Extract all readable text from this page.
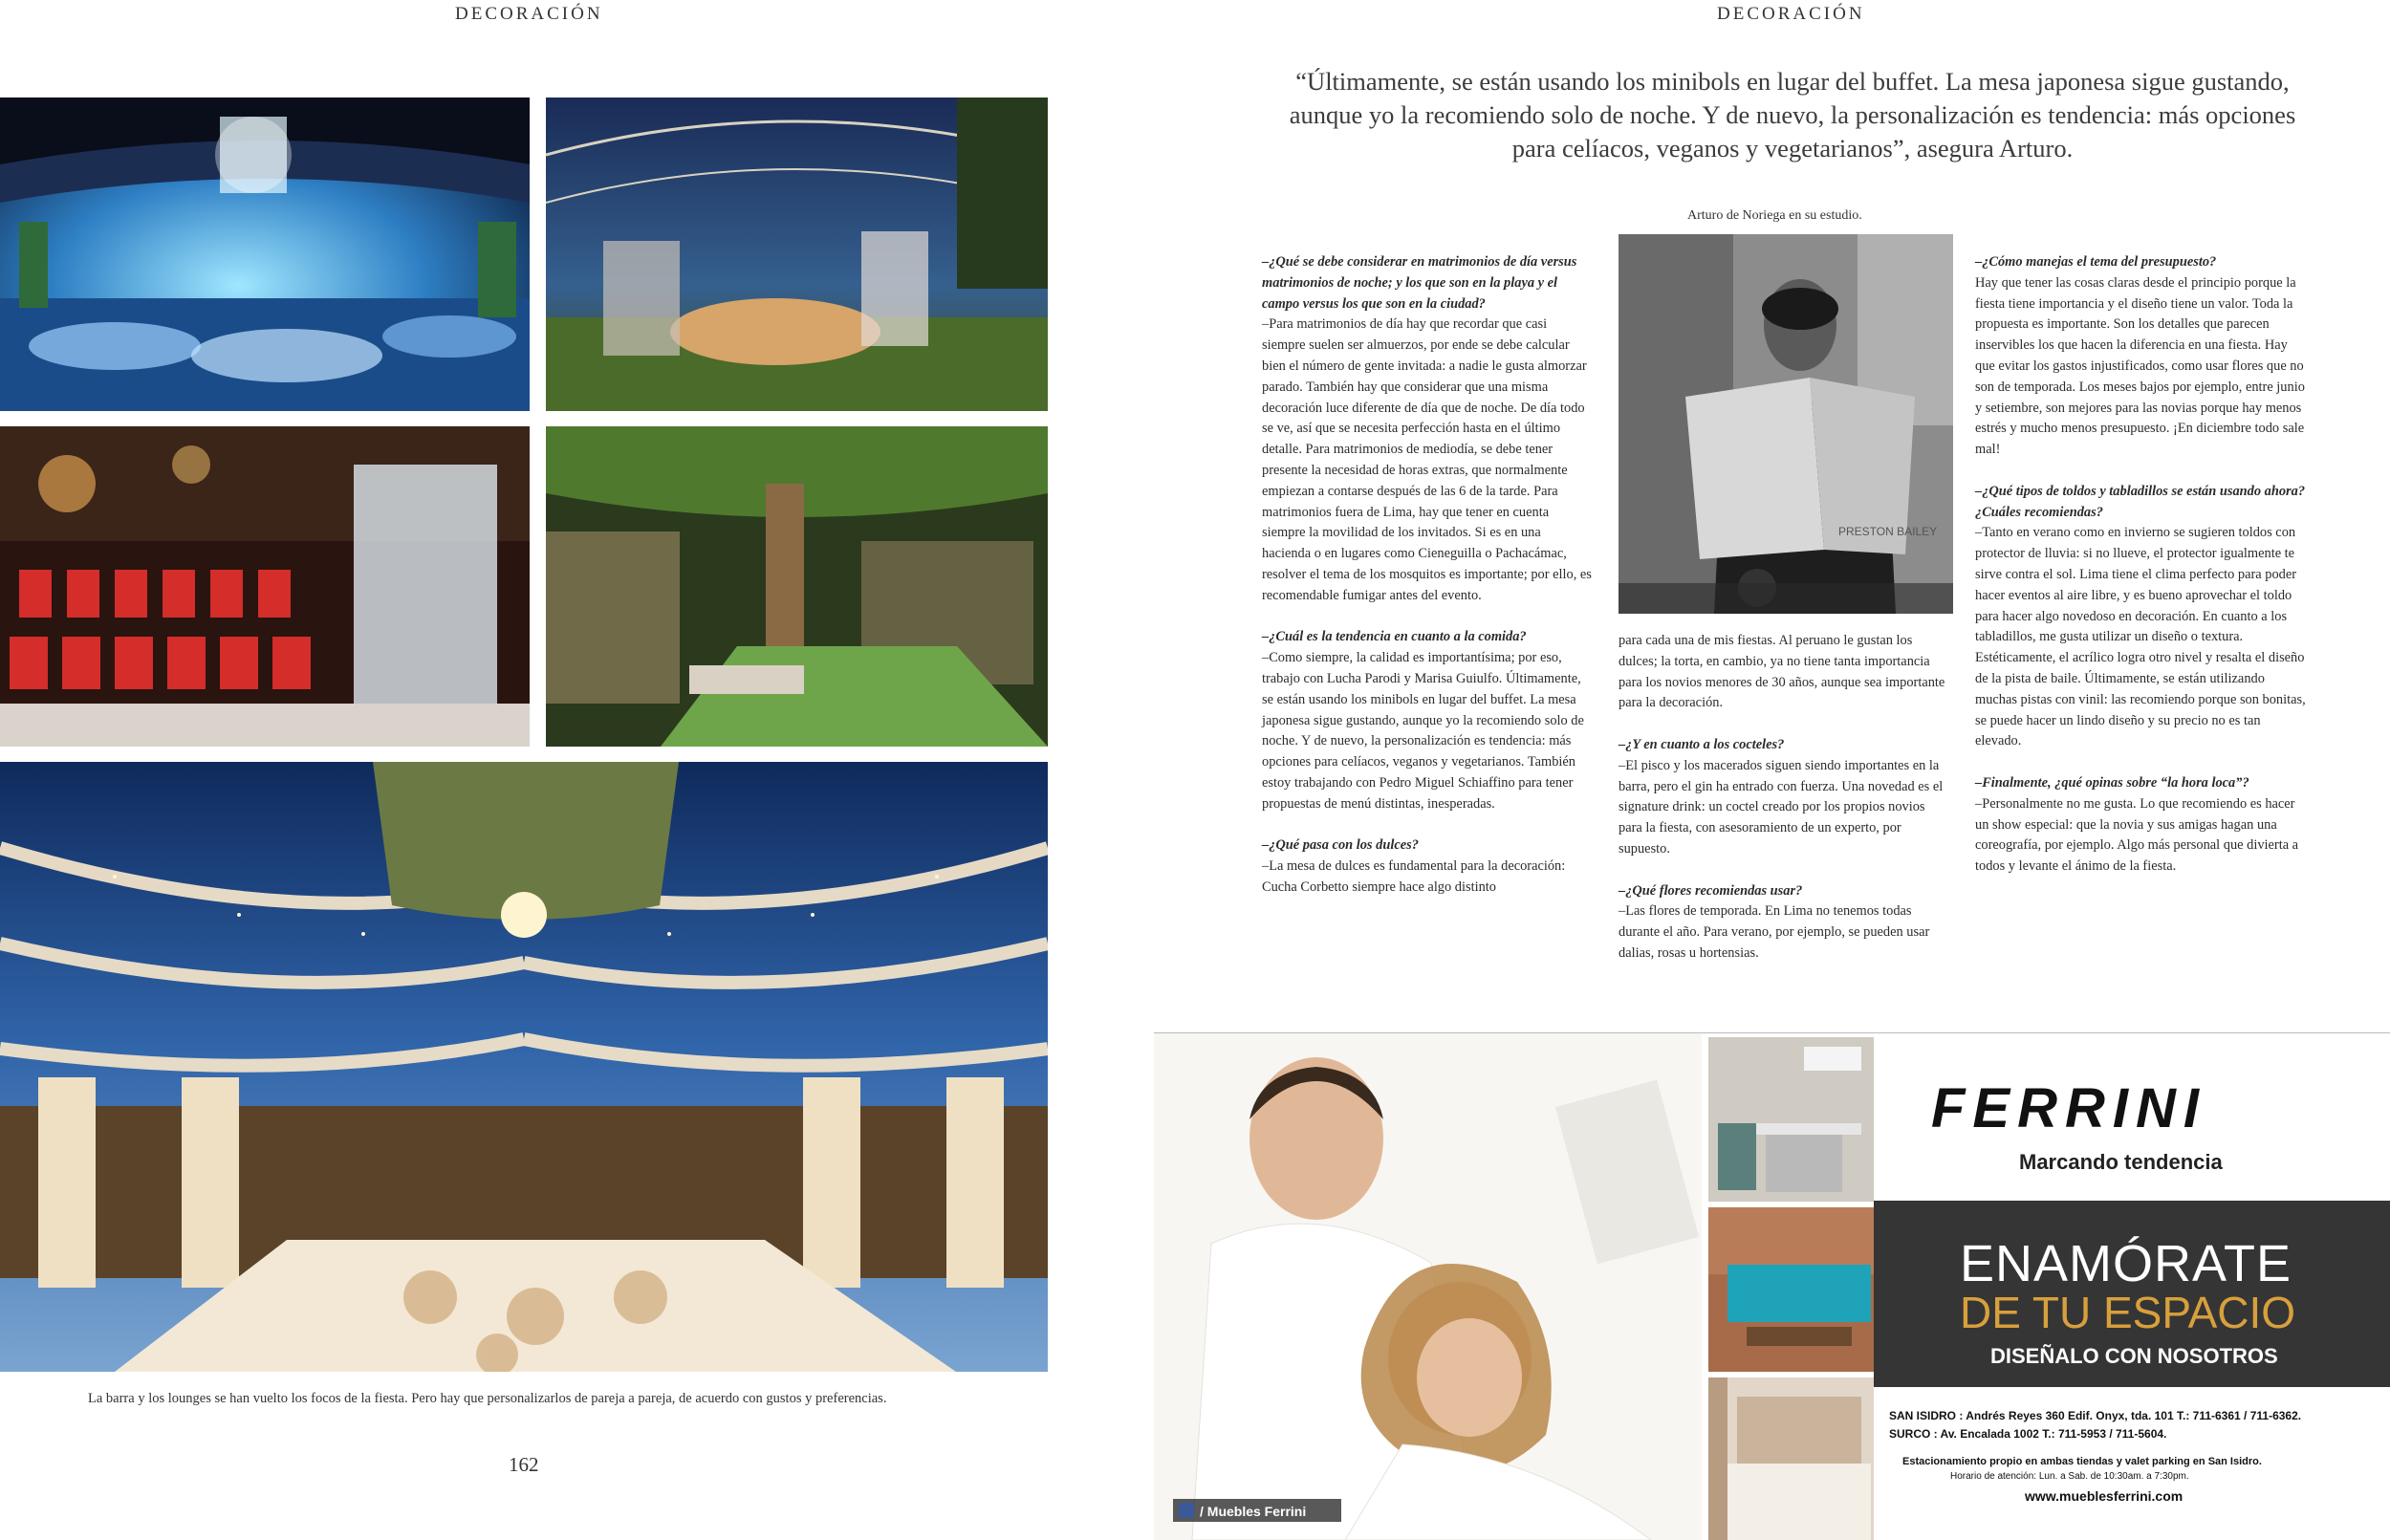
DECORACIÓN
La barra y los lounges se han vuelto los focos de la fiesta. Pero hay que personalizarlos de pareja a pareja, de acuerdo con gustos y preferencias.
162
DECORACIÓN
“Últimamente, se están usando los minibols en lugar del buffet. La mesa japonesa sigue gustando,
aunque yo la recomiendo solo de noche. Y de nuevo, la personalización es tendencia: más opciones
para celíacos, veganos y vegetarianos”, asegura Arturo.
Arturo de Noriega en su estudio.
PRESTON BAILEY

–¿Qué se debe considerar en matrimonios de día versus matrimonios de noche; y los que son en la playa y el campo versus los que son en la ciudad?
–Para matrimonios de día hay que recordar que casi siempre suelen ser almuerzos, por ende se debe calcular bien el número de gente invitada: a nadie le gusta almorzar parado. También hay que considerar que una misma decoración luce diferente de día que de noche. De día todo se ve, así que se necesita perfección hasta en el último detalle. Para matrimonios de mediodía, se debe tener presente la necesidad de horas extras, que normalmente empiezan a contarse después de las 6 de la tarde. Para matrimonios fuera de Lima, hay que tener en cuenta siempre la movilidad de los invitados. Si es en una hacienda o en lugares como Cieneguilla o Pachacámac, resolver el tema de los mosquitos es importante; por ello, es recomendable fumigar antes del evento.

–¿Cuál es la tendencia en cuanto a la comida?
–Como siempre, la calidad es importantísima; por eso, trabajo con Lucha Parodi y Marisa Guiulfo. Últimamente, se están usando los minibols en lugar del buffet. La mesa japonesa sigue gustando, aunque yo la recomiendo solo de noche. Y de nuevo, la personalización es tendencia: más opciones para celíacos, veganos y vegetarianos. También estoy trabajando con Pedro Miguel Schiaffino para tener propuestas de menú distintas, inesperadas.

–¿Qué pasa con los dulces?
–La mesa de dulces es fundamental para la decoración: Cucha Corbetto siempre hace algo distinto

para cada una de mis fiestas. Al peruano le gustan los dulces; la torta, en cambio, ya no tiene tanta importancia para los novios menores de 30 años, aunque sea importante para la decoración.

–¿Y en cuanto a los cocteles?
–El pisco y los macerados siguen siendo importantes en la barra, pero el gin ha entrado con fuerza. Una novedad es el signature drink: un coctel creado por los propios novios para la fiesta, con asesoramiento de un experto, por supuesto.

–¿Qué flores recomiendas usar?
–Las flores de temporada. En Lima no tenemos todas durante el año. Para verano, por ejemplo, se pueden usar dalias, rosas u hortensias.

–¿Cómo manejas el tema del presupuesto?
Hay que tener las cosas claras desde el principio porque la fiesta tiene importancia y el diseño tiene un valor. Toda la propuesta es importante. Son los detalles que parecen inservibles los que hacen la diferencia en una fiesta. Hay que evitar los gastos injustificados, como usar flores que no son de temporada. Los meses bajos por ejemplo, entre junio y setiembre, son mejores para las novias porque hay menos estrés y mucho menos presupuesto. ¡En diciembre todo sale mal!

–¿Qué tipos de toldos y tabladillos se están usando ahora? ¿Cuáles recomiendas?
–Tanto en verano como en invierno se sugieren toldos con protector de lluvia: si no llueve, el protector igualmente te sirve contra el sol. Lima tiene el clima perfecto para poder hacer eventos al aire libre, y es bueno aprovechar el toldo para hacer algo novedoso en decoración. En cuanto a los tabladillos, me gusta utilizar un diseño o textura. Estéticamente, el acrílico logra otro nivel y resalta el diseño de la pista de baile. Últimamente, se están utilizando muchas pistas con vinil: las recomiendo porque son bonitas, se puede hacer un lindo diseño y su precio no es tan elevado.

–Finalmente, ¿qué opinas sobre “la hora loca”?
–Personalmente no me gusta. Lo que recomiendo es hacer un show especial: que la novia y sus amigas hagan una coreografía, por ejemplo. Algo más personal que divierta a todos y levante el ánimo de la fiesta.

/ Muebles Ferrini
FERRINI
Marcando tendencia
ENAMÓRATE
DE TU ESPACIO
DISEÑALO CON NOSOTROS
SAN ISIDRO : Andrés Reyes 360 Edif. Onyx, tda. 101 T.: 711-6361 / 711-6362.
SURCO : Av. Encalada 1002 T.: 711-5953 / 711-5604.
Estacionamiento propio en ambas tiendas y valet parking en San Isidro.
Horario de atención: Lun. a Sab. de 10:30am. a 7:30pm.
www.mueblesferrini.com
